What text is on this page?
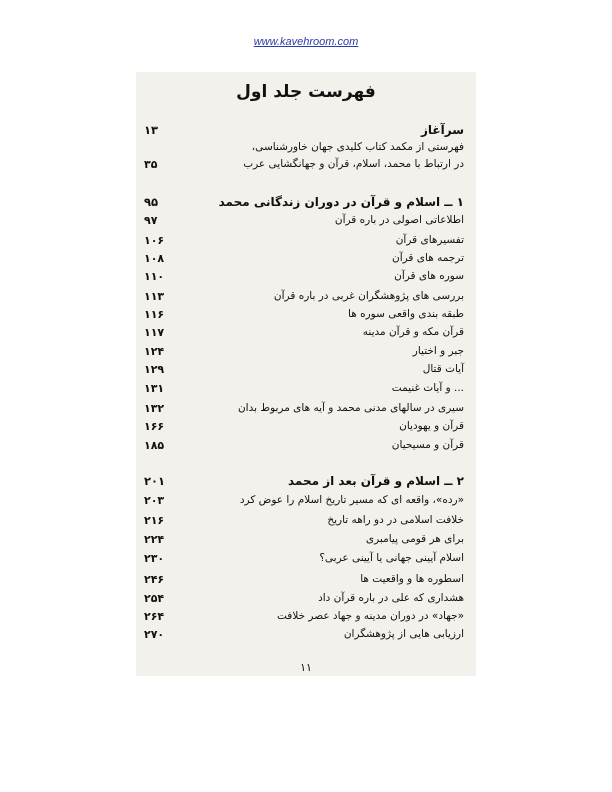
www.kavehroom.com
فهرست جلد اول
سرآغاز
۱۳
فهرستی از مکمد کتاب کلیدی جهان خاورشناسی،
در ارتباط با محمد، اسلام، قرآن و جهانگشایی عرب
۳۵
۱ ــ اسلام و قرآن در دوران زندگانی محمد
۹۵
اطلاعاتی اصولی در باره قرآن
۹۷
تفسیرهای قرآن
۱۰۶
ترجمه های قرآن
۱۰۸
سوره های قرآن
۱۱۰
بررسی های پژوهشگران غربی در باره قرآن
۱۱۳
طبقه بندی واقعی سوره ها
۱۱۶
قرآن مکه و قرآن مدینه
۱۱۷
جبر و اختیار
۱۲۴
آیات قتال
۱۲۹
... و آیات غنیمت
۱۳۱
سیری در سالهای مدنی محمد و آیه های مربوط بدان
۱۳۲
قرآن و یهودیان
۱۶۶
قرآن و مسیحیان
۱۸۵
۲ ــ اسلام و قرآن بعد از محمد
۲۰۱
«رده»، واقعه ای که مسیر تاریخ اسلام را عوض کرد
۲۰۳
خلافت اسلامی در دو راهه تاریخ
۲۱۶
برای هر قومی پیامبری
۲۲۴
اسلام آیینی جهانی یا آیینی عربی؟
۲۳۰
اسطوره ها و واقعیت ها
۲۴۶
هشداری که علی در باره قرآن داد
۲۵۴
«جهاد» در دوران مدینه و جهاد عصر خلافت
۲۶۴
ارزیابی هایی از پژوهشگران
۲۷۰
۱۱
